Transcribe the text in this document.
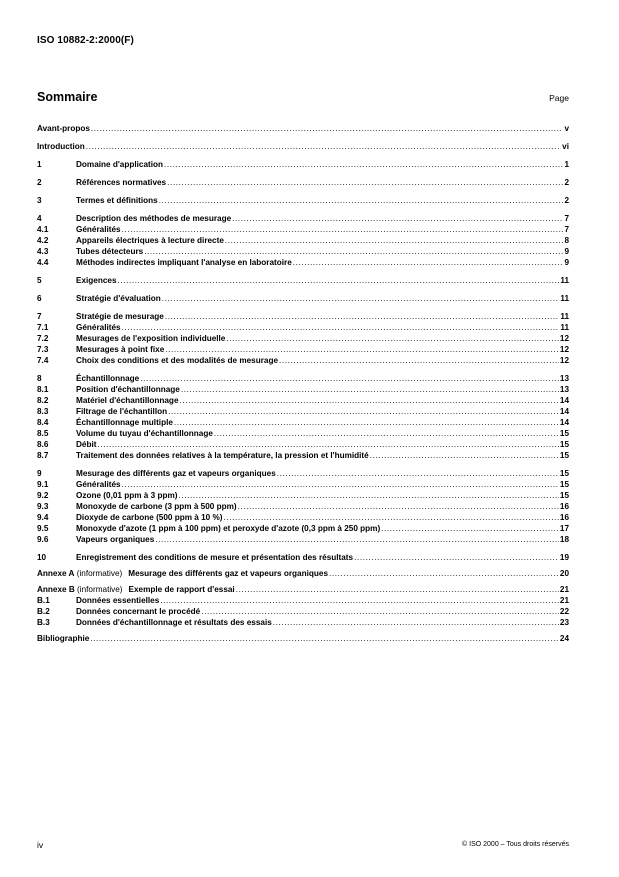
ISO 10882-2:2000(F)
Sommaire	Page
Avant-propos .....	v
Introduction .....	vi
1	Domaine d'application .....	1
2	Références normatives .....	2
3	Termes et définitions .....	2
4	Description des méthodes de mesurage .....	7
4.1	Généralités .....	7
4.2	Appareils électriques à lecture directe .....	8
4.3	Tubes détecteurs .....	9
4.4	Méthodes indirectes impliquant l'analyse en laboratoire .....	9
5	Exigences .....	11
6	Stratégie d'évaluation .....	11
7	Stratégie de mesurage .....	11
7.1	Généralités .....	11
7.2	Mesurages de l'exposition individuelle .....	12
7.3	Mesurages à point fixe .....	12
7.4	Choix des conditions et des modalités de mesurage .....	12
8	Échantillonnage .....	13
8.1	Position d'échantillonnage .....	13
8.2	Matériel d'échantillonnage .....	14
8.3	Filtrage de l'échantillon .....	14
8.4	Échantillonnage multiple .....	14
8.5	Volume du tuyau d'échantillonnage .....	15
8.6	Débit .....	15
8.7	Traitement des données relatives à la température, la pression et l'humidité .....	15
9	Mesurage des différents gaz et vapeurs organiques .....	15
9.1	Généralités .....	15
9.2	Ozone (0,01 ppm à 3 ppm) .....	15
9.3	Monoxyde de carbone (3 ppm à 500 ppm) .....	16
9.4	Dioxyde de carbone (500 ppm à 10 %) .....	16
9.5	Monoxyde d'azote (1 ppm à 100 ppm) et peroxyde d'azote (0,3 ppm à 250 ppm) .....	17
9.6	Vapeurs organiques .....	18
10	Enregistrement des conditions de mesure et présentation des résultats .....	19
Annexe A (informative) Mesurage des différents gaz et vapeurs organiques .....	20
Annexe B (informative) Exemple de rapport d'essai .....	21
B.1	Données essentielles .....	21
B.2	Données concernant le procédé .....	22
B.3	Données d'échantillonnage et résultats des essais .....	23
Bibliographie .....	24
iv	© ISO 2000 – Tous droits réservés
